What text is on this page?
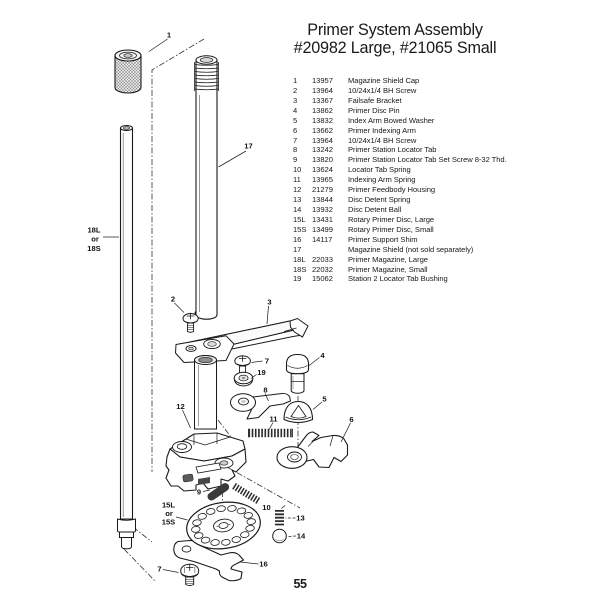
1
17
18L
or
18S
2	3
7
19
4
8
5
12
11	6
9
10
15L
or
15S	13
14
16
7
Primer System Assembly
#20982 Large, #21065 Small
1 13957 Magazine Shield Cap
2 13964 10/24x1/4 BH Screw
3 13367 Failsafe Bracket
4 13862 Primer Disc Pin
5 13832 Index Arm Bowed Washer
6 13662 Primer Indexing Arm
7 13964 10/24x1/4 BH Screw
8 13242 Primer Station Locator Tab
9 13820 Primer Station Locator Tab Set Screw 8-32 Thd.
10 13624 Locator Tab Spring
11 13965 Indexing Arm Spring
12 21279 Primer Feedbody Housing
13 13844 Disc Detent Spring
14 13932 Disc Detent Ball
15L 13431 Rotary Primer Disc, Large
15S 13499 Rotary Primer Disc, Small
16 14117 Primer Support Shim
17	Magazine Shield (not sold separately)
18L 22033 Primer Magazine, Large
18S 22032 Primer Magazine, Small
19 15062 Station 2 Locator Tab Bushing
55
